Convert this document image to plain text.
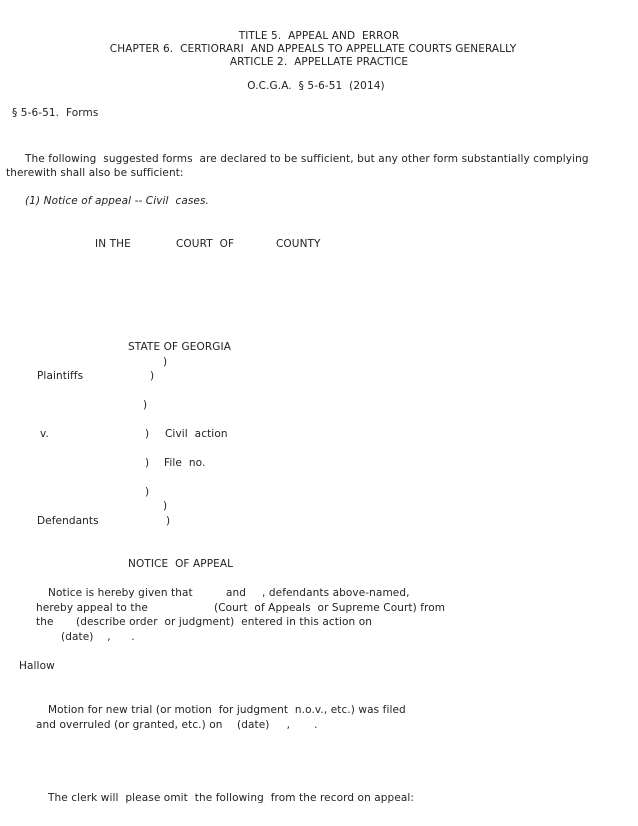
TITLE 5.  APPEAL AND  ERROR
CHAPTER 6.  CERTIORARI  AND APPEALS TO APPELLATE COURTS GENERALLY
ARTICLE 2.  APPELLATE PRACTICE
O.C.G.A.  § 5-6-51  (2014)
§ 5-6-51.  Forms
The following  suggested forms  are declared to be sufficient, but any other form substantially complying
therewith shall also be sufficient:
(1) Notice of appeal -- Civil  cases.
IN THE	COURT  OF	COUNTY
STATE OF GEORGIA
)
Plaintiffs	)
)
v.	) Civil  action
) File  no.
)
)
Defendants	)
NOTICE  OF APPEAL
Notice is hereby given that	and , defendants above-named,
hereby appeal to the	(Court  of Appeals  or Supreme Court) from
the (describe order  or judgment)  entered in this action on
(date)    ,      .
Hallow
Motion for new trial (or motion  for judgment  n.o.v., etc.) was filed
and overruled (or granted, etc.) on (date)     ,       .
The clerk will  please omit  the following  from the record on appeal:
